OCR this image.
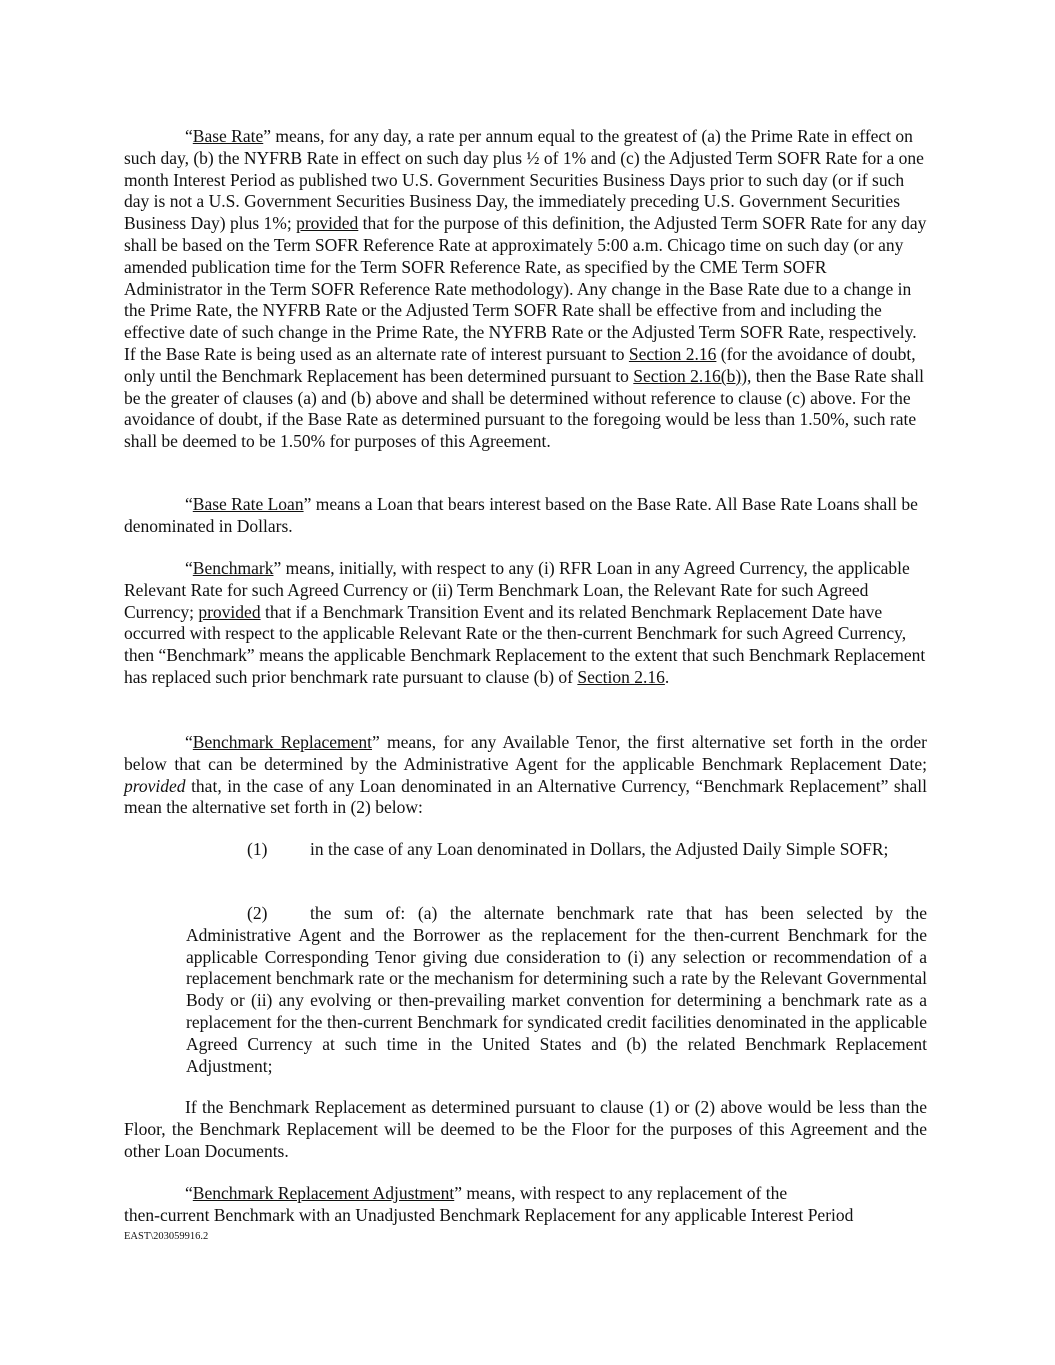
“Base Rate” means, for any day, a rate per annum equal to the greatest of (a) the Prime Rate in effect on such day, (b) the NYFRB Rate in effect on such day plus ½ of 1% and (c) the Adjusted Term SOFR Rate for a one month Interest Period as published two U.S. Government Securities Business Days prior to such day (or if such day is not a U.S. Government Securities Business Day, the immediately preceding U.S. Government Securities Business Day) plus 1%; provided that for the purpose of this definition, the Adjusted Term SOFR Rate for any day shall be based on the Term SOFR Reference Rate at approximately 5:00 a.m. Chicago time on such day (or any amended publication time for the Term SOFR Reference Rate, as specified by the CME Term SOFR Administrator in the Term SOFR Reference Rate methodology). Any change in the Base Rate due to a change in the Prime Rate, the NYFRB Rate or the Adjusted Term SOFR Rate shall be effective from and including the effective date of such change in the Prime Rate, the NYFRB Rate or the Adjusted Term SOFR Rate, respectively. If the Base Rate is being used as an alternate rate of interest pursuant to Section 2.16 (for the avoidance of doubt, only until the Benchmark Replacement has been determined pursuant to Section 2.16(b)), then the Base Rate shall be the greater of clauses (a) and (b) above and shall be determined without reference to clause (c) above. For the avoidance of doubt, if the Base Rate as determined pursuant to the foregoing would be less than 1.50%, such rate shall be deemed to be 1.50% for purposes of this Agreement.

“Base Rate Loan” means a Loan that bears interest based on the Base Rate. All Base Rate Loans shall be denominated in Dollars.

“Benchmark” means, initially, with respect to any (i) RFR Loan in any Agreed Currency, the applicable Relevant Rate for such Agreed Currency or (ii) Term Benchmark Loan, the Relevant Rate for such Agreed Currency; provided that if a Benchmark Transition Event and its related Benchmark Replacement Date have occurred with respect to the applicable Relevant Rate or the then-current Benchmark for such Agreed Currency, then “Benchmark” means the applicable Benchmark Replacement to the extent that such Benchmark Replacement has replaced such prior benchmark rate pursuant to clause (b) of Section 2.16.

“Benchmark Replacement” means, for any Available Tenor, the first alternative set forth in the order below that can be determined by the Administrative Agent for the applicable Benchmark Replacement Date; provided that, in the case of any Loan denominated in an Alternative Currency, “Benchmark Replacement” shall mean the alternative set forth in (2) below:

(1) in the case of any Loan denominated in Dollars, the Adjusted Daily Simple SOFR;

(2) the sum of: (a) the alternate benchmark rate that has been selected by the Administrative Agent and the Borrower as the replacement for the then-current Benchmark for the applicable Corresponding Tenor giving due consideration to (i) any selection or recommendation of a replacement benchmark rate or the mechanism for determining such a rate by the Relevant Governmental Body or (ii) any evolving or then-prevailing market convention for determining a benchmark rate as a replacement for the then-current Benchmark for syndicated credit facilities denominated in the applicable Agreed Currency at such time in the United States and (b) the related Benchmark Replacement Adjustment;

If the Benchmark Replacement as determined pursuant to clause (1) or (2) above would be less than the Floor, the Benchmark Replacement will be deemed to be the Floor for the purposes of this Agreement and the other Loan Documents.

“Benchmark Replacement Adjustment” means, with respect to any replacement of the
then-current Benchmark with an Unadjusted Benchmark Replacement for any applicable Interest Period
EAST\203059916.2
